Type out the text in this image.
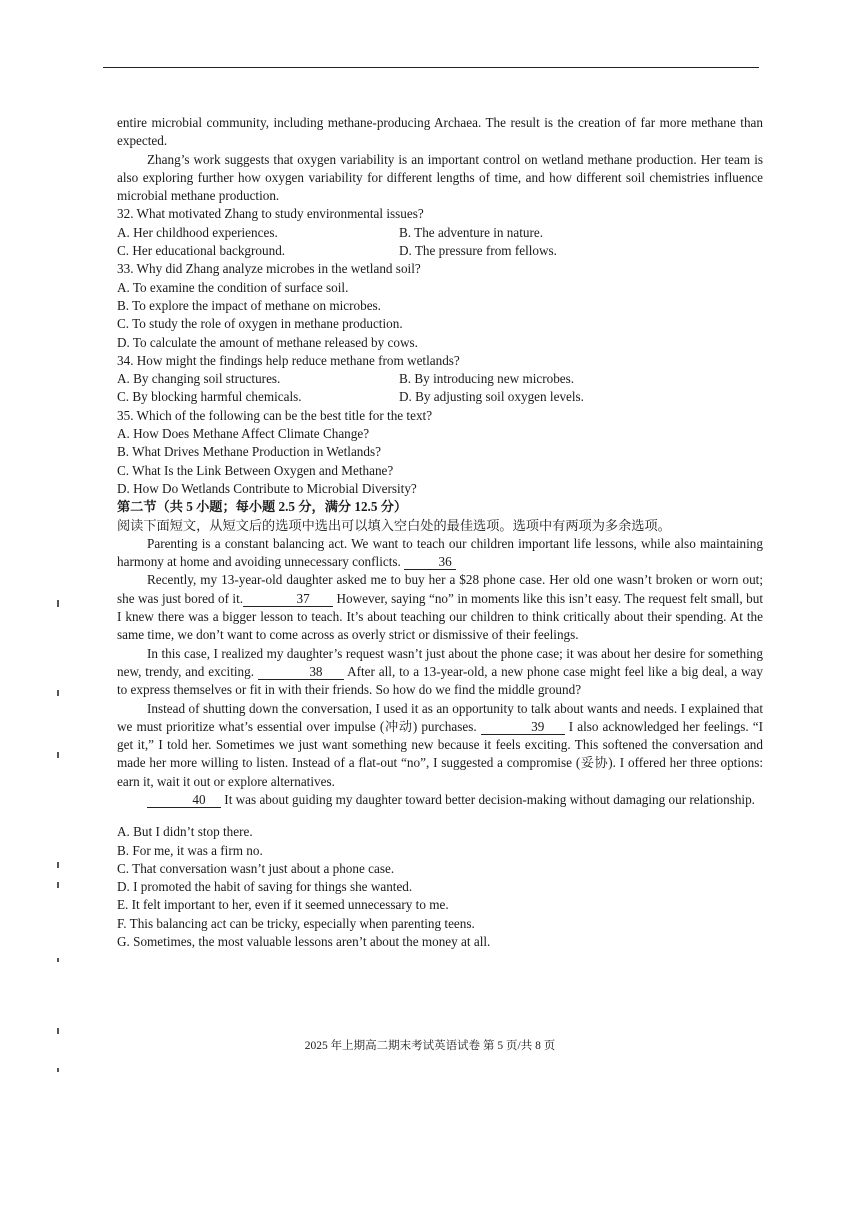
entire microbial community, including methane-producing Archaea. The result is the creation of far more methane than expected.

Zhang’s work suggests that oxygen variability is an important control on wetland methane production. Her team is also exploring further how oxygen variability for different lengths of time, and how different soil chemistries influence microbial methane production.

32. What motivated Zhang to study environmental issues?
A. Her childhood experiences.	B. The adventure in nature.
C. Her educational background.	D. The pressure from fellows.
33. Why did Zhang analyze microbes in the wetland soil?
A. To examine the condition of surface soil.
B. To explore the impact of methane on microbes.
C. To study the role of oxygen in methane production.
D. To calculate the amount of methane released by cows.
34. How might the findings help reduce methane from wetlands?
A. By changing soil structures.	B. By introducing new microbes.
C. By blocking harmful chemicals.	D. By adjusting soil oxygen levels.
35. Which of the following can be the best title for the text?
A. How Does Methane Affect Climate Change?
B. What Drives Methane Production in Wetlands?
C. What Is the Link Between Oxygen and Methane?
D. How Do Wetlands Contribute to Microbial Diversity?
第二节（共 5 小题；每小题 2.5 分，满分 12.5 分）
阅读下面短文，从短文后的选项中选出可以填入空白处的最佳选项。选项中有两项为多余选项。

Parenting is a constant balancing act. We want to teach our children important life lessons, while also maintaining harmony at home and avoiding unnecessary conflicts.	36

Recently, my 13-year-old daughter asked me to buy her a $28 phone case. Her old one wasn’t broken or worn out; she was just bored of it.	37 However, saying “no” in moments like this isn’t easy. The request felt small, but I knew there was a bigger lesson to teach. It’s about teaching our children to think critically about their spending. At the same time, we don’t want to come across as overly strict or dismissive of their feelings.

In this case, I realized my daughter’s request wasn’t just about the phone case; it was about her desire for something new, trendy, and exciting.	38 After all, to a 13-year-old, a new phone case might feel like a big deal, a way to express themselves or fit in with their friends. So how do we find the middle ground?

Instead of shutting down the conversation, I used it as an opportunity to talk about wants and needs. I explained that we must prioritize what’s essential over impulse (冲动) purchases.	39 I also acknowledged her feelings. “I get it,” I told her. Sometimes we just want something new because it feels exciting. This softened the conversation and made her more willing to listen. Instead of a flat-out “no”, I suggested a compromise (妥协). I offered her three options: earn it, wait it out or explore alternatives.

40 It was about guiding my daughter toward better decision-making without damaging our relationship.

A. But I didn’t stop there.
B. For me, it was a firm no.
C. That conversation wasn’t just about a phone case.
D. I promoted the habit of saving for things she wanted.
E. It felt important to her, even if it seemed unnecessary to me.
F. This balancing act can be tricky, especially when parenting teens.
G. Sometimes, the most valuable lessons aren’t about the money at all.
2025 年上期高二期末考试英语试卷 第 5 页/共 8 页
